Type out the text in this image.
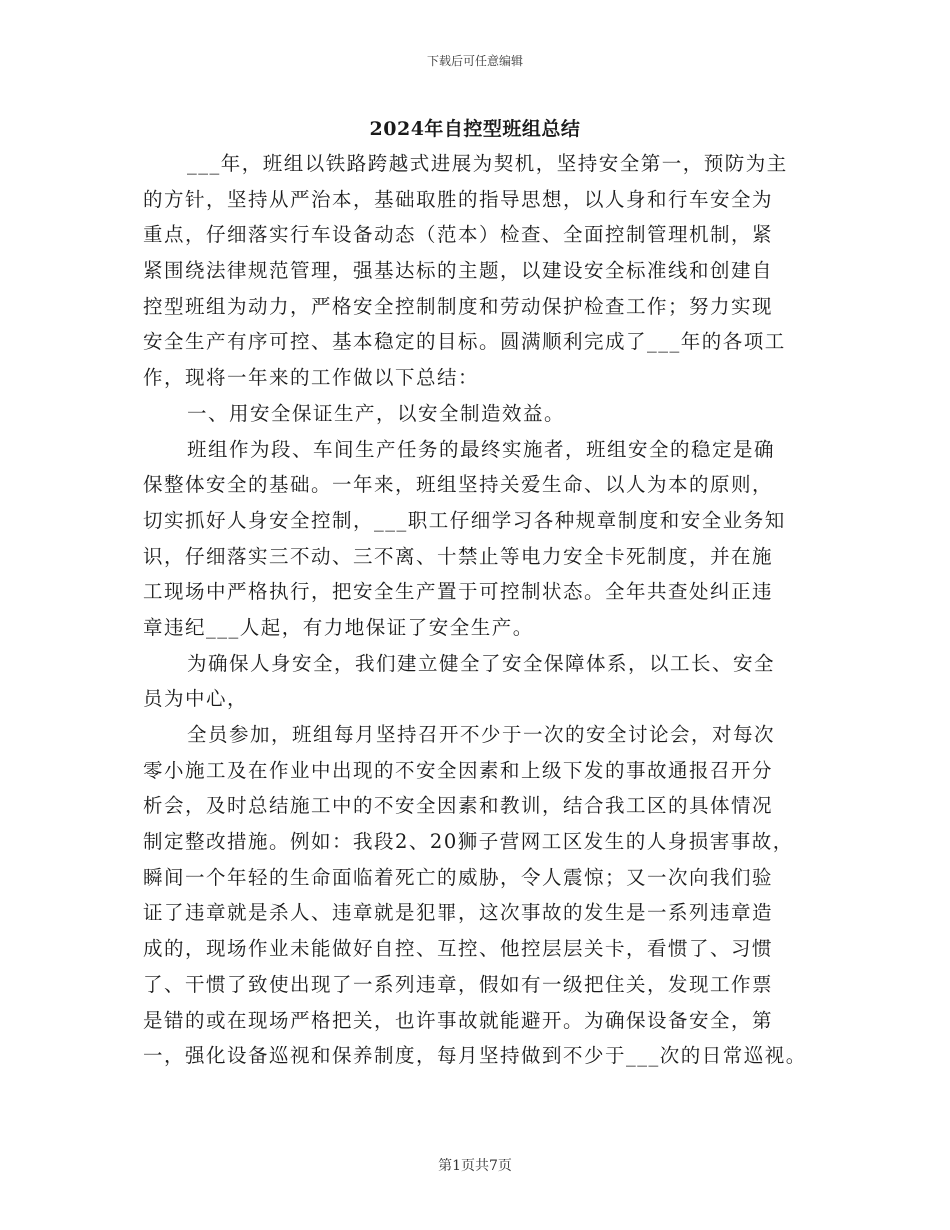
下载后可任意编辑
2024年自控型班组总结
___年，班组以铁路跨越式进展为契机，坚持安全第一，预防为主
的方针，坚持从严治本，基础取胜的指导思想，以人身和行车安全为
重点，仔细落实行车设备动态（范本）检查、全面控制管理机制，紧
紧围绕法律规范管理，强基达标的主题，以建设安全标准线和创建自
控型班组为动力，严格安全控制制度和劳动保护检查工作；努力实现
安全生产有序可控、基本稳定的目标。圆满顺利完成了___年的各项工
作，现将一年来的工作做以下总结：
一、用安全保证生产，以安全制造效益。
班组作为段、车间生产任务的最终实施者，班组安全的稳定是确
保整体安全的基础。一年来，班组坚持关爱生命、以人为本的原则，
切实抓好人身安全控制，___职工仔细学习各种规章制度和安全业务知
识，仔细落实三不动、三不离、十禁止等电力安全卡死制度，并在施
工现场中严格执行，把安全生产置于可控制状态。全年共查处纠正违
章违纪___人起，有力地保证了安全生产。
为确保人身安全，我们建立健全了安全保障体系，以工长、安全
员为中心，
全员参加，班组每月坚持召开不少于一次的安全讨论会，对每次
零小施工及在作业中出现的不安全因素和上级下发的事故通报召开分
析会，及时总结施工中的不安全因素和教训，结合我工区的具体情况
制定整改措施。例如：我段2、20狮子营网工区发生的人身损害事故，
瞬间一个年轻的生命面临着死亡的威胁，令人震惊；又一次向我们验
证了违章就是杀人、违章就是犯罪，这次事故的发生是一系列违章造
成的，现场作业未能做好自控、互控、他控层层关卡，看惯了、习惯
了、干惯了致使出现了一系列违章，假如有一级把住关，发现工作票
是错的或在现场严格把关，也许事故就能避开。为确保设备安全，第
一，强化设备巡视和保养制度，每月坚持做到不少于___次的日常巡视。
第1页共7页
